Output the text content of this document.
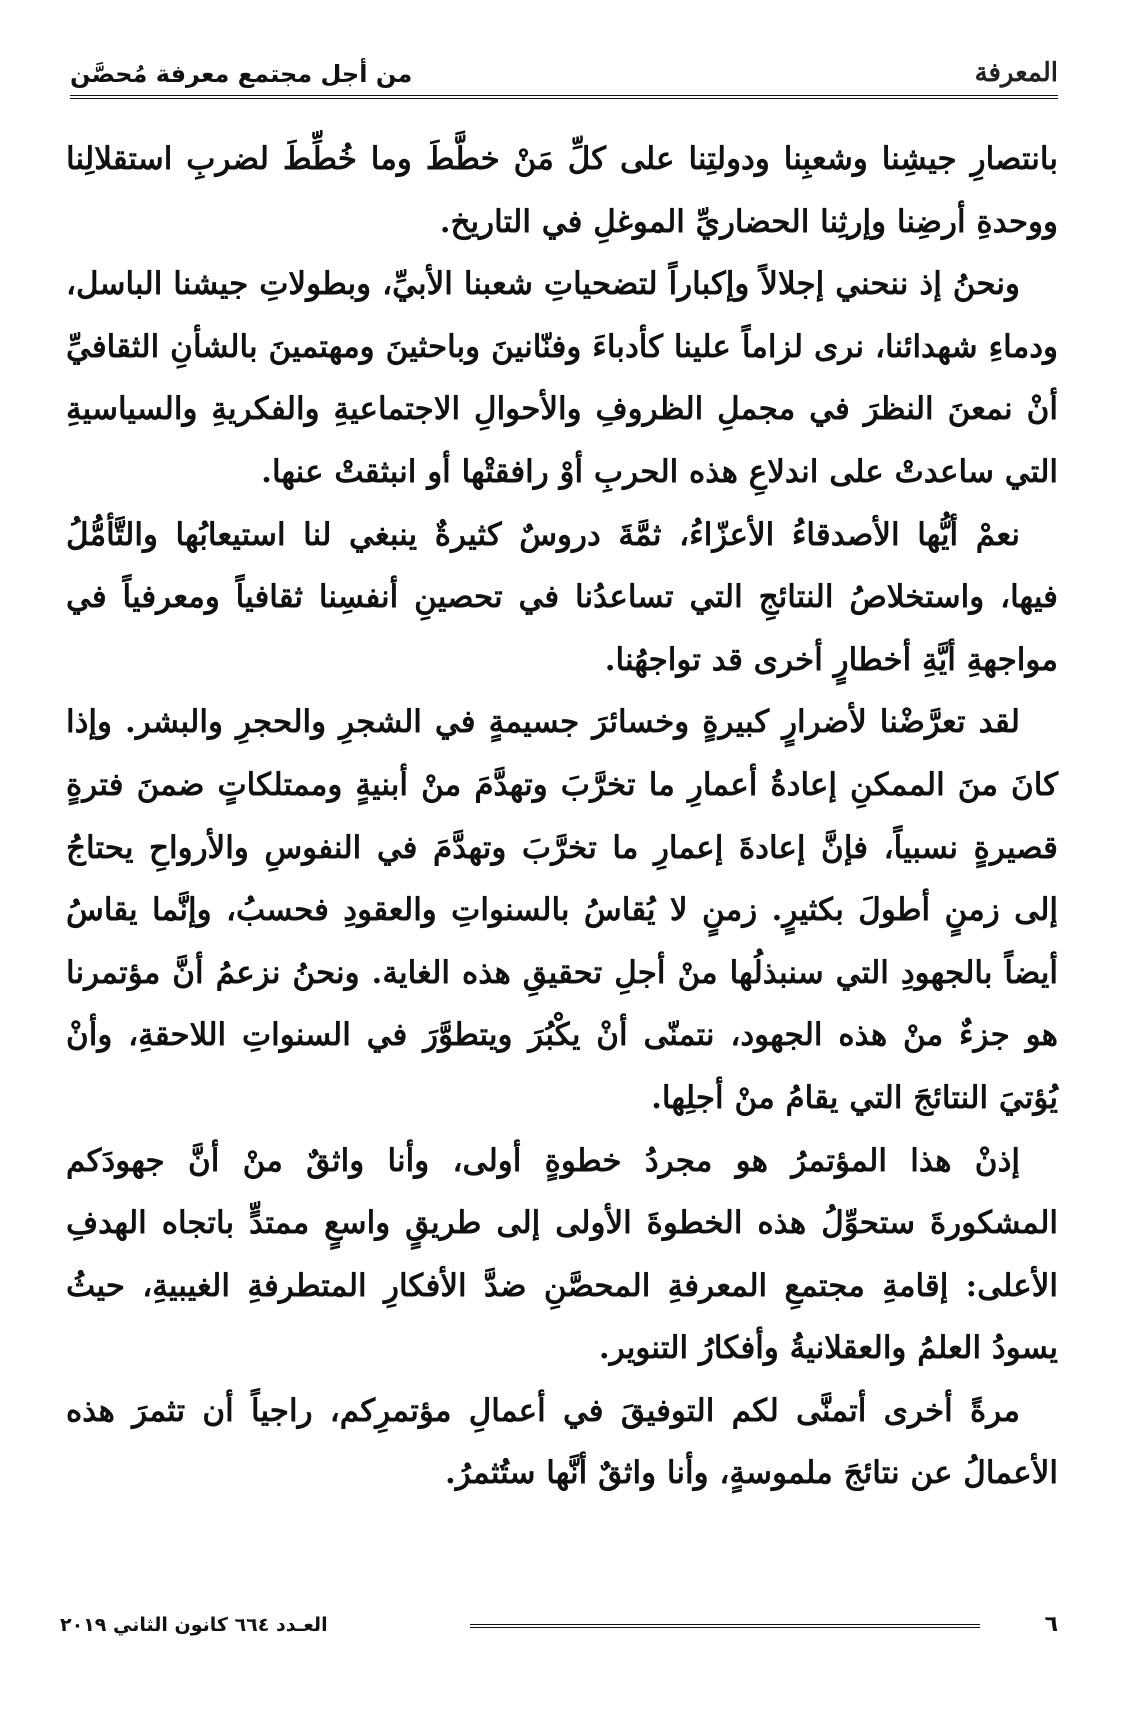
المعرفة
من أجل مجتمع معرفة مُحصَّن

بانتصارِ جيشِنا وشعبِنا ودولتِنا على كلِّ مَنْ خطَّطَ وما خُطِّطَ لضربِ استقلالِنا ووحدةِ أرضِنا وإرثِنا الحضاريِّ الموغلِ في التاريخ.

ونحنُ إذ ننحني إجلالاً وإكباراً لتضحياتِ شعبنا الأبيِّ، وبطولاتِ جيشنا الباسل، ودماءِ شهدائنا، نرى لزاماً علينا كأدباءَ وفنّانينَ وباحثينَ ومهتمينَ بالشأنِ الثقافيِّ أنْ نمعنَ النظرَ في مجملِ الظروفِ والأحوالِ الاجتماعيةِ والفكريةِ والسياسيةِ التي ساعدتْ على اندلاعِ هذه الحربِ أوْ رافقتْها أو انبثقتْ عنها.

نعمْ أيُّها الأصدقاءُ الأعزّاءُ، ثمَّةَ دروسٌ كثيرةٌ ينبغي لنا استيعابُها والتَّأمُّلُ فيها، واستخلاصُ النتائجِ التي تساعدُنا في تحصينِ أنفسِنا ثقافياً ومعرفياً في مواجهةِ أيَّةِ أخطارٍ أخرى قد تواجهُنا.

لقد تعرَّضْنا لأضرارٍ كبيرةٍ وخسائرَ جسيمةٍ في الشجرِ والحجرِ والبشر. وإذا كانَ منَ الممكنِ إعادةُ أعمارِ ما تخرَّبَ وتهدَّمَ منْ أبنيةٍ وممتلكاتٍ ضمنَ فترةٍ قصيرةٍ نسبياً، فإنَّ إعادةَ إعمارِ ما تخرَّبَ وتهدَّمَ في النفوسِ والأرواحِ يحتاجُ إلى زمنٍ أطولَ بكثيرٍ. زمنٍ لا يُقاسُ بالسنواتِ والعقودِ فحسبُ، وإنَّما يقاسُ أيضاً بالجهودِ التي سنبذلُها منْ أجلِ تحقيقِ هذه الغاية. ونحنُ نزعمُ أنَّ مؤتمرنا هو جزءٌ منْ هذه الجهود، نتمنّى أنْ يكْبُرَ ويتطوَّرَ في السنواتِ اللاحقةِ، وأنْ يُؤتيَ النتائجَ التي يقامُ منْ أجلِها.

إذنْ هذا المؤتمرُ هو مجردُ خطوةٍ أولى، وأنا واثقٌ منْ أنَّ جهودَكم المشكورةَ ستحوِّلُ هذه الخطوةَ الأولى إلى طريقٍ واسعٍ ممتدٍّ باتجاه الهدفِ الأعلى: إقامةِ مجتمعِ المعرفةِ المحصَّنِ ضدَّ الأفكارِ المتطرفةِ الغيبيةِ، حيثُ يسودُ العلمُ والعقلانيةُ وأفكارُ التنوير.

مرةً أخرى أتمنَّى لكم التوفيقَ في أعمالِ مؤتمرِكم، راجياً أن تثمرَ هذه الأعمالُ عن نتائجَ ملموسةٍ، وأنا واثقٌ أنَّها ستُثمرُ.

٦
العـدد ٦٦٤ كانون الثاني ٢٠١٩
